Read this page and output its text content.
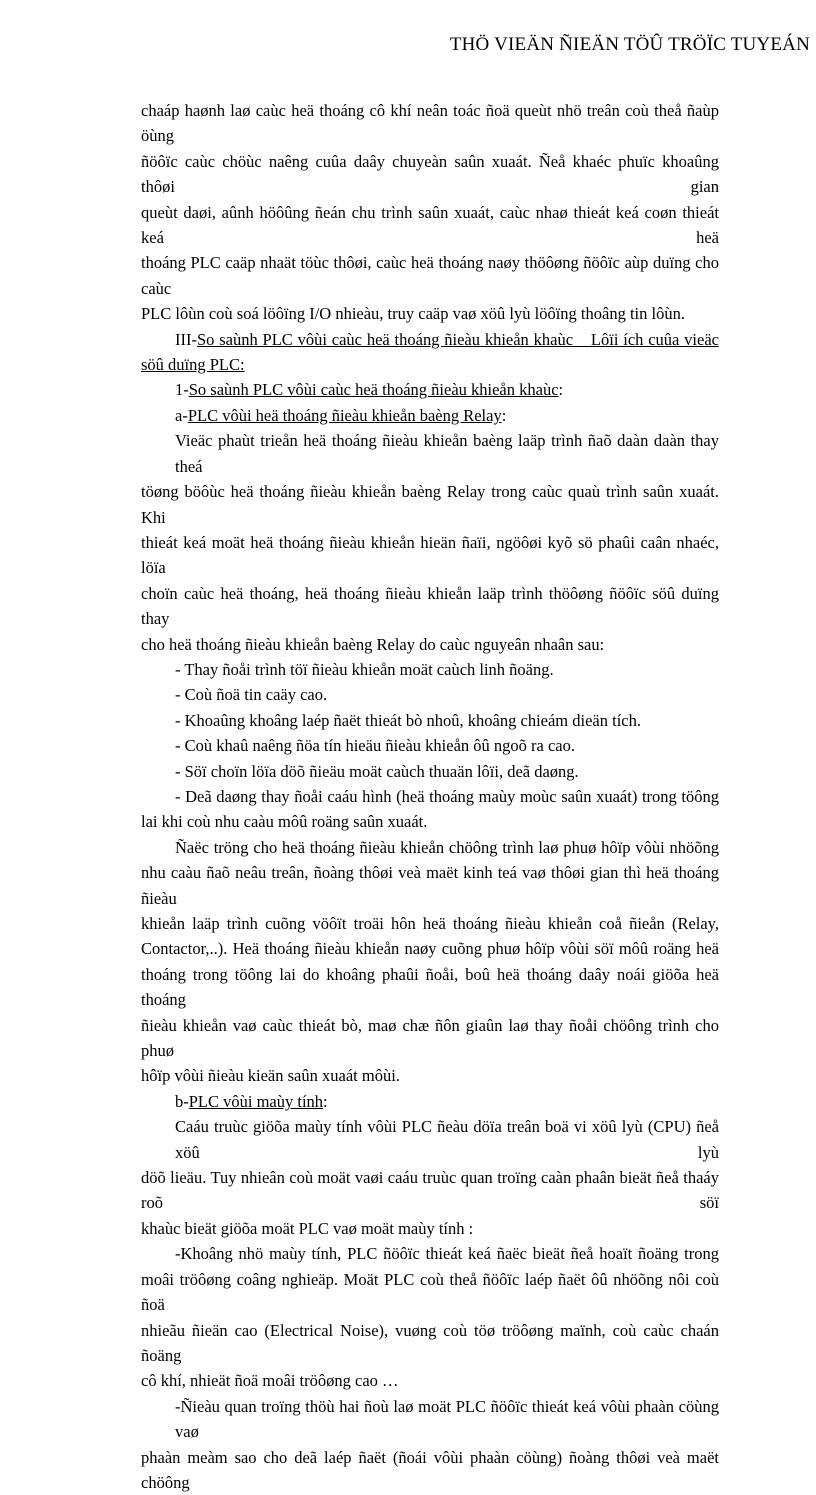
THÖ VIEÄN ÑIEÄN TÖÛ TRÖÏC TUYEÁN

chaáp haønh laø caùc heä thoáng cô khí neân toác ñoä queùt nhö treân coù theå ñaùp öùng
ñöôïc caùc chöùc naêng cuûa daây chuyeàn saûn xuaát. Ñeå khaéc phuïc khoaûng thôøi gian
queùt daøi, aûnh höôûng ñeán chu trình saûn xuaát, caùc nhaø thieát keá coøn thieát keá heä
thoáng PLC caäp nhaät töùc thôøi, caùc heä thoáng naøy thöôøng ñöôïc aùp duïng cho caùc
PLC lôùn coù soá löôïng I/O nhieàu, truy caäp vaø xöû lyù löôïng thoâng tin lôùn.

III-So saùnh PLC vôùi caùc heä thoáng ñieàu khieån khaùc _ Lôïi ích cuûa vieäc
söû duïng PLC:

1-So saùnh PLC vôùi caùc heä thoáng ñieàu khieån khaùc:

a-PLC vôùi heä thoáng ñieàu khieån baèng Relay:

Vieäc phaùt trieån heä thoáng ñieàu khieån baèng laäp trình ñaõ daàn daàn thay theá
töøng böôùc heä thoáng ñieàu khieån baèng Relay trong caùc quaù trình saûn xuaát. Khi
thieát keá moät heä thoáng ñieàu khieån hieän ñaïi, ngöôøi kyõ sö phaûi caân nhaéc, löïa
choïn caùc heä thoáng, heä thoáng ñieàu khieån laäp trình thöôøng ñöôïc söû duïng thay
cho heä thoáng ñieàu khieån baèng Relay do caùc nguyeân nhaân sau:

- Thay ñoåi trình töï ñieàu khieån moät caùch linh ñoäng.
- Coù ñoä tin caäy cao.
- Khoaûng khoâng laép ñaët thieát bò nhoû, khoâng chieám dieän tích.
- Coù khaû naêng ñöa tín hieäu ñieàu khieån ôû ngoõ ra cao.
- Söï choïn löïa döõ ñieäu moät caùch thuaän lôïi, deã daøng.
- Deã daøng thay ñoåi caáu hình (heä thoáng maùy moùc saûn xuaát) trong töông
lai khi coù nhu caàu môû roäng saûn xuaát.

Ñaëc tröng cho heä thoáng ñieàu khieån chöông trình laø phuø hôïp vôùi nhöõng
nhu caàu ñaõ neâu treân, ñoàng thôøi veà maët kinh teá vaø thôøi gian thì heä thoáng ñieàu
khieån laäp trình cuõng vöôït troäi hôn heä thoáng ñieàu khieån coå ñieån (Relay,
Contactor,..). Heä thoáng ñieàu khieån naøy cuõng phuø hôïp vôùi söï môû roäng heä
thoáng trong töông lai do khoâng phaûi ñoåi, boû heä thoáng daây noái giöõa heä thoáng
ñieàu khieån vaø caùc thieát bò, maø chæ ñôn giaûn laø thay ñoåi chöông trình cho phuø
hôïp vôùi ñieàu kieän saûn xuaát môùi.

b-PLC vôùi maùy tính:

Caáu truùc giöõa maùy tính vôùi PLC ñeàu döïa treân boä vi xöû lyù (CPU) ñeå xöû lyù
döõ lieäu. Tuy nhieân coù moät vaøi caáu truùc quan troïng caàn phaân bieät ñeå thaáy roõ söï
khaùc bieät giöõa moät PLC vaø moät maùy tính :

-Khoâng nhö maùy tính, PLC ñöôïc thieát keá ñaëc bieät ñeå hoaït ñoäng trong
moâi tröôøng coâng nghieäp. Moät PLC coù theå ñöôïc laép ñaët ôû nhöõng nôi coù ñoä
nhieãu ñieän cao (Electrical Noise), vuøng coù töø tröôøng maïnh, coù caùc chaán ñoäng
cô khí, nhieät ñoä moâi tröôøng cao …

-Ñieàu quan troïng thöù hai ñoù laø moät PLC ñöôïc thieát keá vôùi phaàn cöùng vaø
phaàn meàm sao cho deã laép ñaët (ñoái vôùi phaàn cöùng) ñoàng thôøi veà maët chöông
